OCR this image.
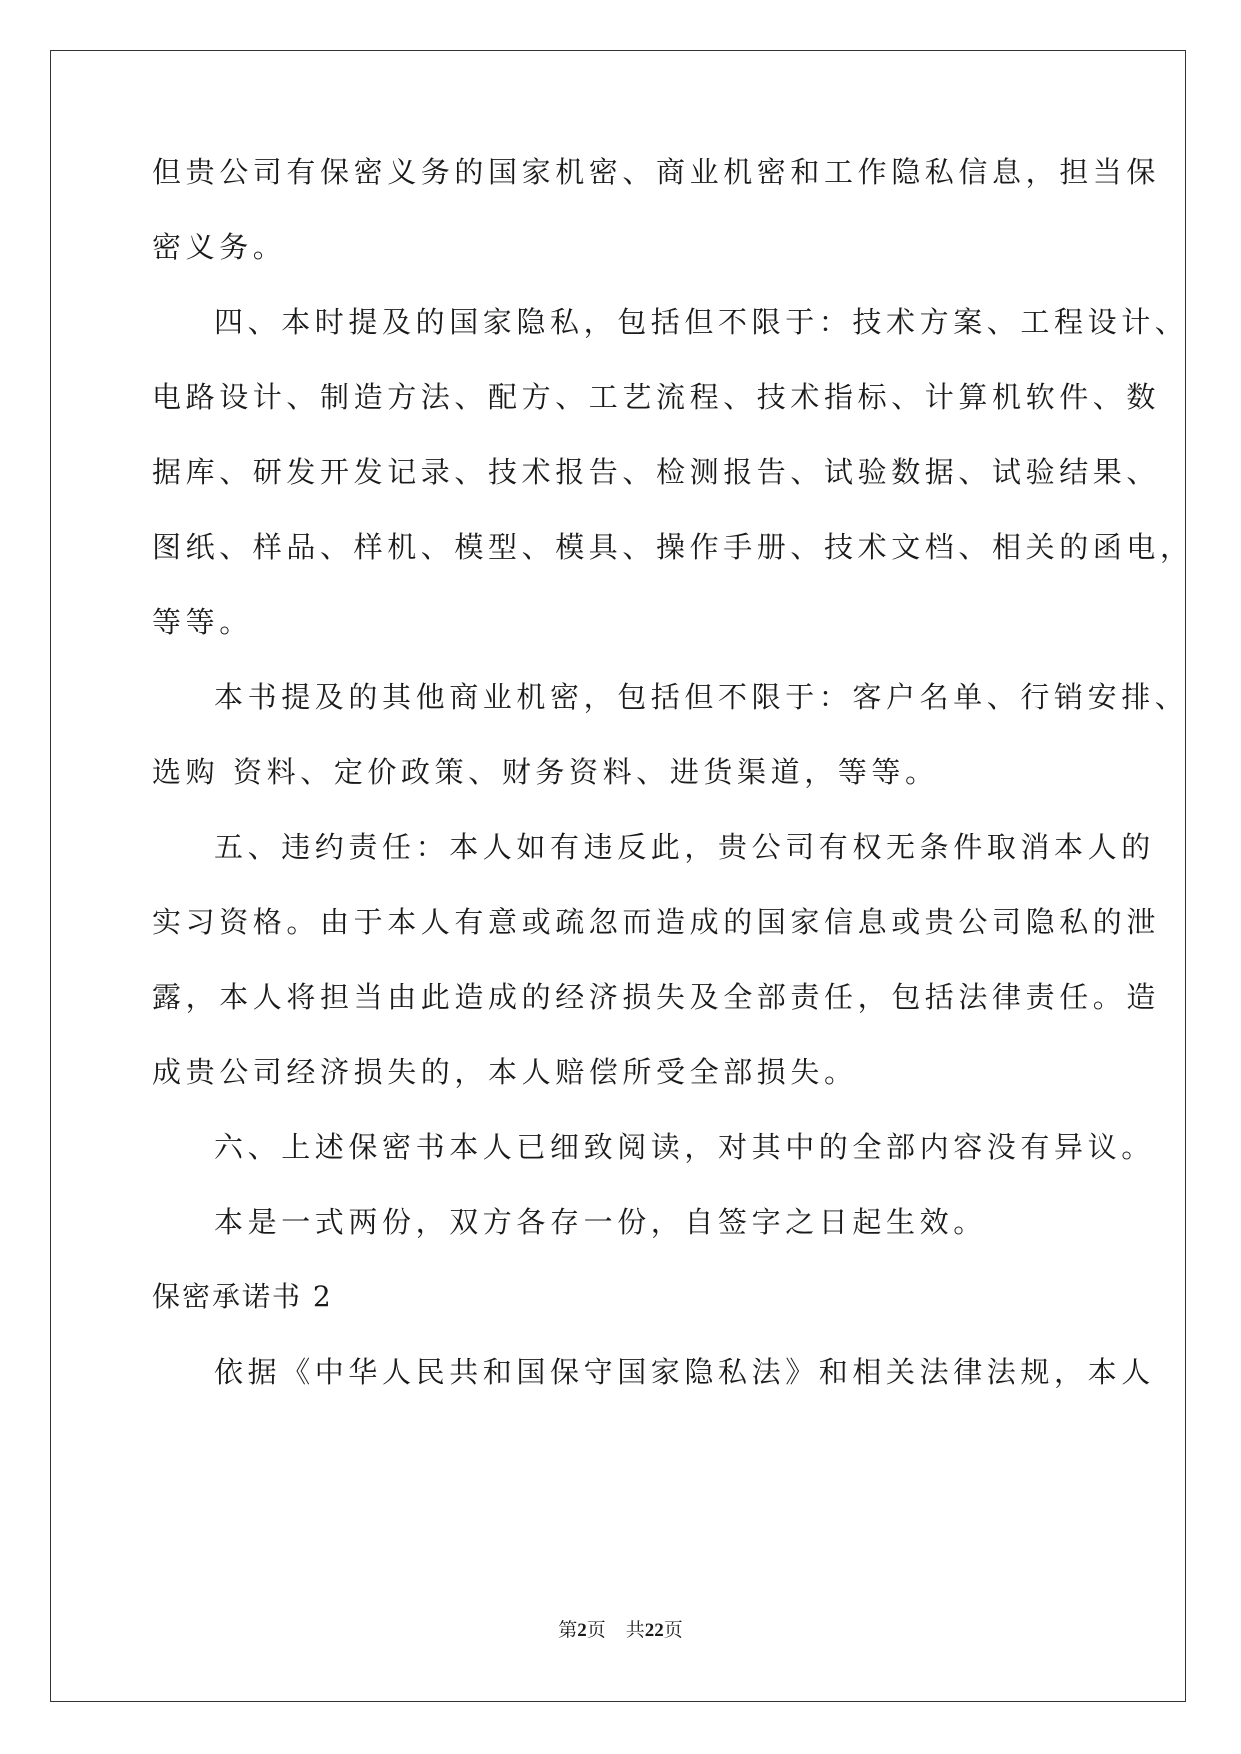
但贵公司有保密义务的国家机密、商业机密和工作隐私信息，担当保
密义务。
四、本时提及的国家隐私，包括但不限于：技术方案、工程设计、
电路设计、制造方法、配方、工艺流程、技术指标、计算机软件、数
据库、研发开发记录、技术报告、检测报告、试验数据、试验结果、
图纸、样品、样机、模型、模具、操作手册、技术文档、相关的函电，
等等。
本书提及的其他商业机密，包括但不限于：客户名单、行销安排、
选购 资料、定价政策、财务资料、进货渠道，等等。
五、违约责任：本人如有违反此，贵公司有权无条件取消本人的
实习资格。由于本人有意或疏忽而造成的国家信息或贵公司隐私的泄
露，本人将担当由此造成的经济损失及全部责任，包括法律责任。造
成贵公司经济损失的，本人赔偿所受全部损失。
六、上述保密书本人已细致阅读，对其中的全部内容没有异议。
本是一式两份，双方各存一份，自签字之日起生效。
保密承诺书 2
依据《中华人民共和国保守国家隐私法》和相关法律法规，本人
第2页 共22页
